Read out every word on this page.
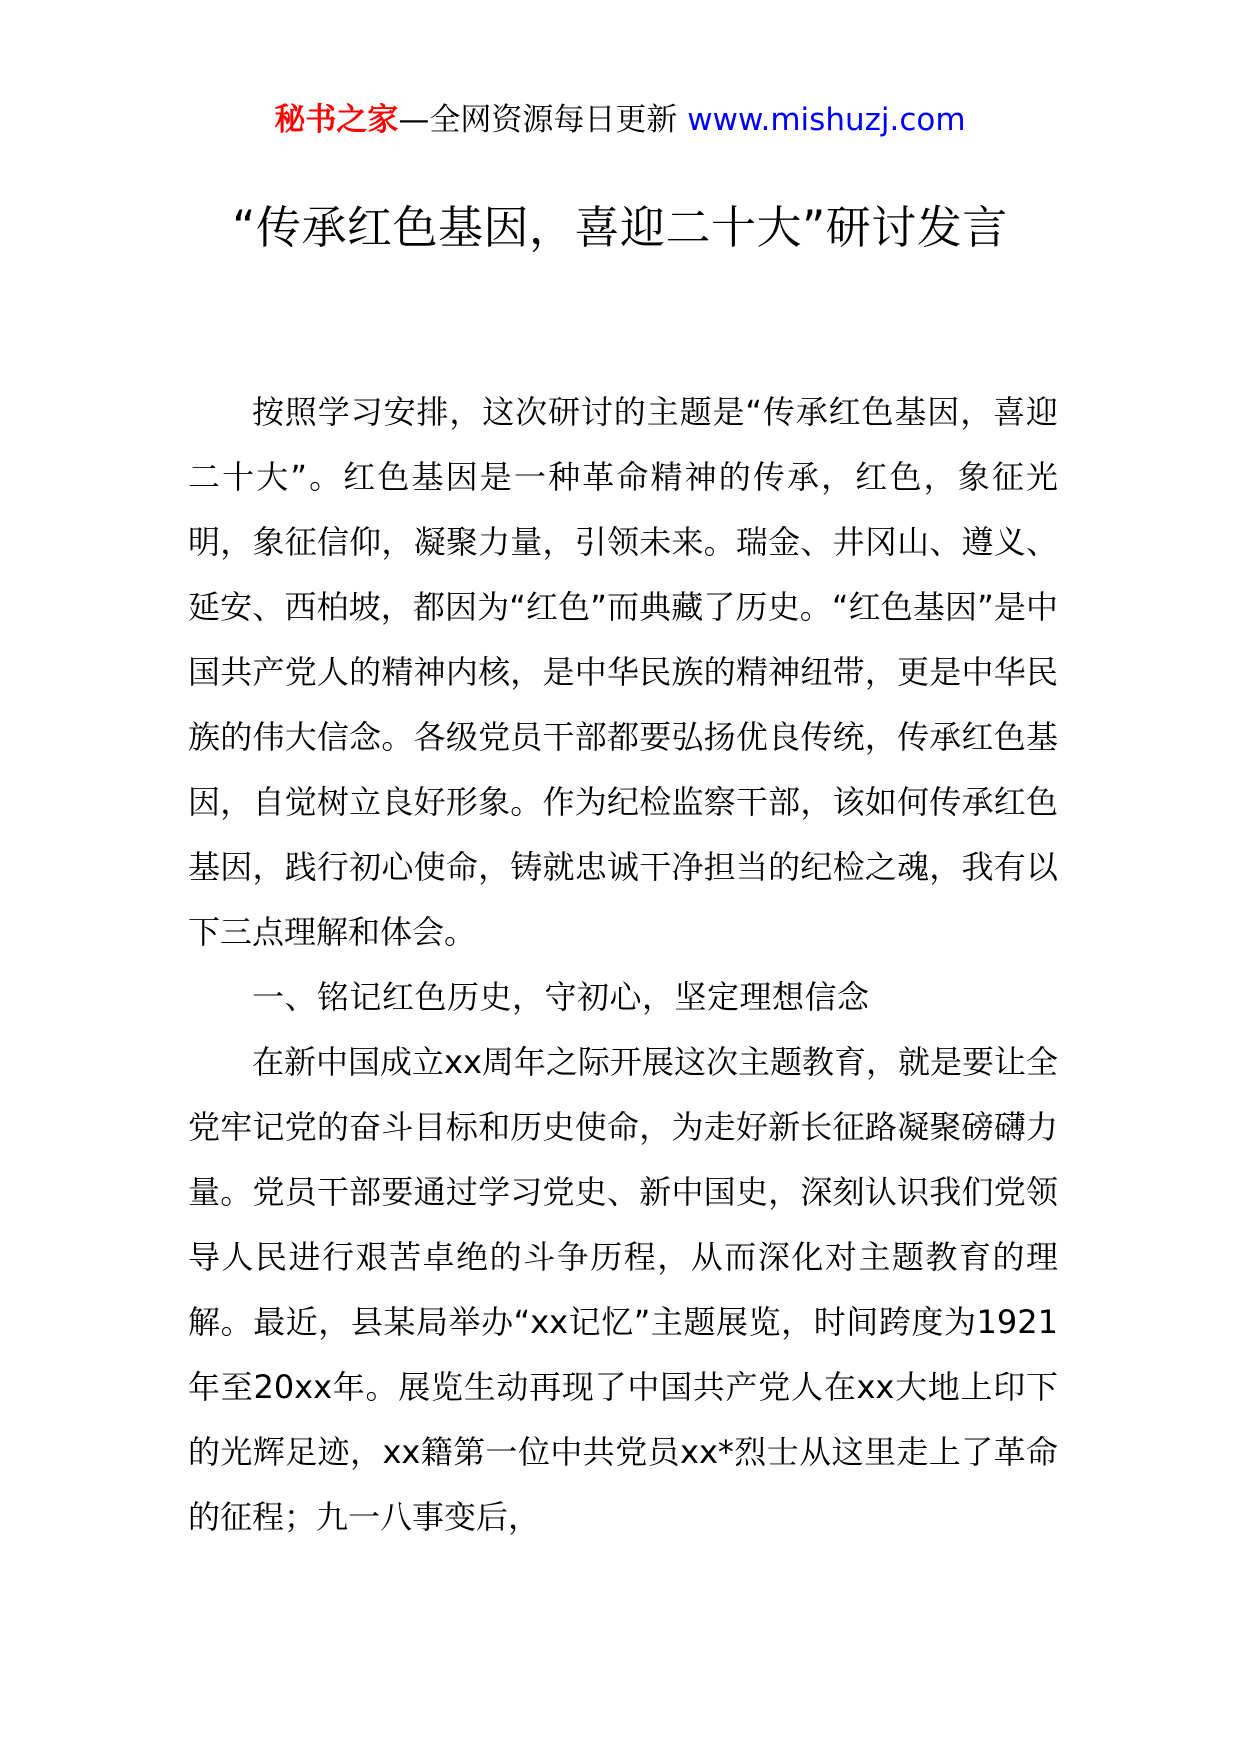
秘书之家—全网资源每日更新 www.mishuzj.com
“传承红色基因，喜迎二十大”研讨发言

按照学习安排，这次研讨的主题是“传承红色基因，喜迎二十大”。红色基因是一种革命精神的传承，红色，象征光明，象征信仰，凝聚力量，引领未来。瑞金、井冈山、遵义、延安、西柏坡，都因为“红色”而典藏了历史。“红色基因”是中国共产党人的精神内核，是中华民族的精神纽带，更是中华民族的伟大信念。各级党员干部都要弘扬优良传统，传承红色基因，自觉树立良好形象。作为纪检监察干部，该如何传承红色基因，践行初心使命，铸就忠诚干净担当的纪检之魂，我有以下三点理解和体会。

一、铭记红色历史，守初心，坚定理想信念

在新中国成立xx周年之际开展这次主题教育，就是要让全党牢记党的奋斗目标和历史使命，为走好新长征路凝聚磅礴力量。党员干部要通过学习党史、新中国史，深刻认识我们党领导人民进行艰苦卓绝的斗争历程，从而深化对主题教育的理解。最近，县某局举办“xx记忆”主题展览，时间跨度为1921年至20xx年。展览生动再现了中国共产党人在xx大地上印下的光辉足迹，xx籍第一位中共党员xx*烈士从这里走上了革命的征程；九一八事变后，
